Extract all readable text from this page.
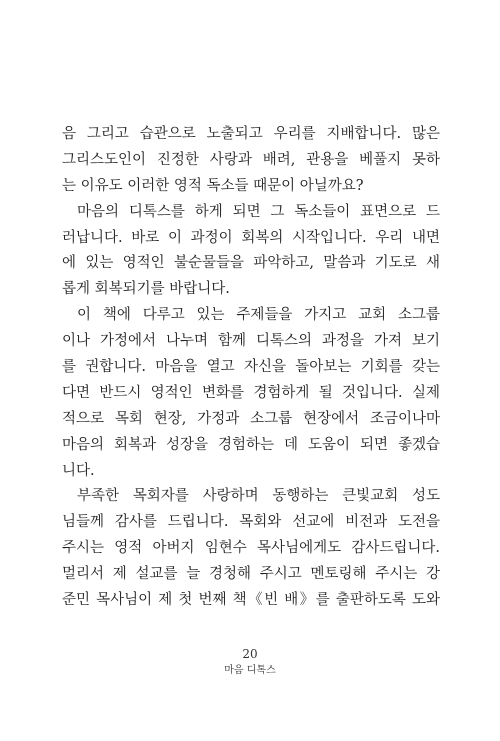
음 그리고 습관으로 노출되고 우리를 지배합니다. 많은
그리스도인이 진정한 사랑과 배려, 관용을 베풀지 못하
는 이유도 이러한 영적 독소들 때문이 아닐까요?
마음의 디톡스를 하게 되면 그 독소들이 표면으로 드
러납니다. 바로 이 과정이 회복의 시작입니다. 우리 내면
에 있는 영적인 불순물들을 파악하고, 말씀과 기도로 새
롭게 회복되기를 바랍니다.
이 책에 다루고 있는 주제들을 가지고 교회 소그룹
이나 가정에서 나누며 함께 디톡스의 과정을 가져 보기
를 권합니다. 마음을 열고 자신을 돌아보는 기회를 갖는
다면 반드시 영적인 변화를 경험하게 될 것입니다. 실제
적으로 목회 현장, 가정과 소그룹 현장에서 조금이나마
마음의 회복과 성장을 경험하는 데 도움이 되면 좋겠습
니다.
부족한 목회자를 사랑하며 동행하는 큰빛교회 성도
님들께 감사를 드립니다. 목회와 선교에 비전과 도전을
주시는 영적 아버지 임현수 목사님에게도 감사드립니다.
멀리서 제 설교를 늘 경청해 주시고 멘토링해 주시는 강
준민 목사님이 제 첫 번째 책《빈 배》를 출판하도록 도와
20
마음 디톡스
